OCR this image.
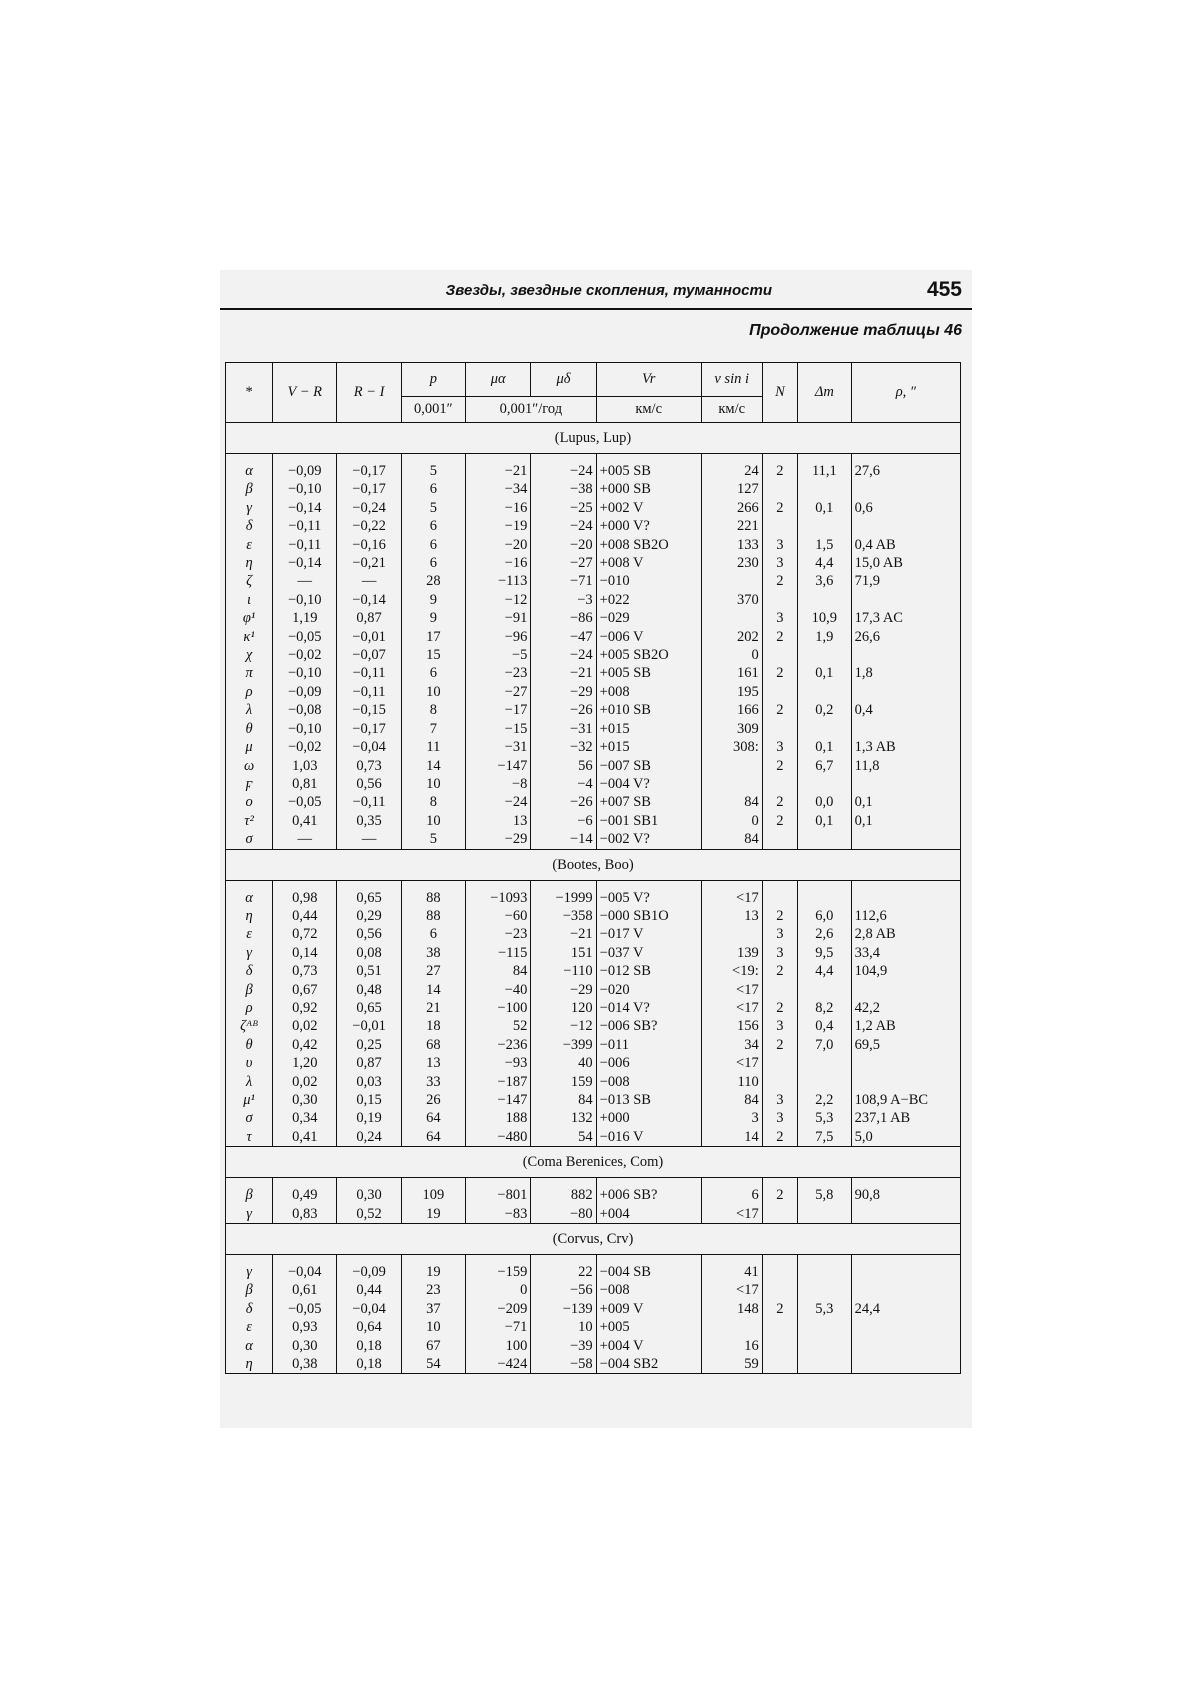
Звезды, звездные скопления, туманности	455
Продолжение таблицы 46
*	V − R	R − I	p	μα	μδ	Vr	v sin i	N	Δm	ρ, ″
			0,001″	0,001″/год		км/с	км/с			
(Lupus, Lup)										

α	−0,09	−0,17	5	−21	−24	+005 SB	24	2	11,1	27,6
β	−0,10	−0,17	6	−34	−38	+000 SB	127			
γ	−0,14	−0,24	5	−16	−25	+002 V	266	2	0,1	0,6
δ	−0,11	−0,22	6	−19	−24	+000 V?	221			
ε	−0,11	−0,16	6	−20	−20	+008 SB2O	133	3	1,5	0,4 AB
η	−0,14	−0,21	6	−16	−27	+008 V	230	3	4,4	15,0 AB
ζ	—	—	28	−113	−71	−010		2	3,6	71,9
ι	−0,10	−0,14	9	−12	−3	+022	370			
φ¹	1,19	0,87	9	−91	−86	−029		3	10,9	17,3 AC
κ¹	−0,05	−0,01	17	−96	−47	−006 V	202	2	1,9	26,6
χ	−0,02	−0,07	15	−5	−24	+005 SB2O	0			
π	−0,10	−0,11	6	−23	−21	+005 SB	161	2	0,1	1,8
ρ	−0,09	−0,11	10	−27	−29	+008	195			
λ	−0,08	−0,15	8	−17	−26	+010 SB	166	2	0,2	0,4
θ	−0,10	−0,17	7	−15	−31	+015	309			
μ	−0,02	−0,04	11	−31	−32	+015	308:	3	0,1	1,3 AB
ω	1,03	0,73	14	−147	56	−007 SB		2	6,7	11,8
ϝ	0,81	0,56	10	−8	−4	−004 V?				
ο	−0,05	−0,11	8	−24	−26	+007 SB	84	2	0,0	0,1
τ²	0,41	0,35	10	13	−6	−001 SB1	0	2	0,1	0,1
σ	—	—	5	−29	−14	−002 V?	84			
(Bootes, Boo)										

α	0,98	0,65	88	−1093	−1999	−005 V?	<17			
η	0,44	0,29	88	−60	−358	−000 SB1O	13	2	6,0	112,6
ε	0,72	0,56	6	−23	−21	−017 V		3	2,6	2,8 AB
γ	0,14	0,08	38	−115	151	−037 V	139	3	9,5	33,4
δ	0,73	0,51	27	84	−110	−012 SB	<19:	2	4,4	104,9
β	0,67	0,48	14	−40	−29	−020	<17			
ρ	0,92	0,65	21	−100	120	−014 V?	<17	2	8,2	42,2
ζᴬᴮ	0,02	−0,01	18	52	−12	−006 SB?	156	3	0,4	1,2 AB
θ	0,42	0,25	68	−236	−399	−011	34	2	7,0	69,5
υ	1,20	0,87	13	−93	40	−006	<17			
λ	0,02	0,03	33	−187	159	−008	110			
μ¹	0,30	0,15	26	−147	84	−013 SB	84	3	2,2	108,9 A−BC
σ	0,34	0,19	64	188	132	+000	3	3	5,3	237,1 AB
τ	0,41	0,24	64	−480	54	−016 V	14	2	7,5	5,0
(Coma Berenices, Com)										

β	0,49	0,30	109	−801	882	+006 SB?	6	2	5,8	90,8
γ	0,83	0,52	19	−83	−80	+004	<17			
(Corvus, Crv)										

γ	−0,04	−0,09	19	−159	22	−004 SB	41			
β	0,61	0,44	23	0	−56	−008	<17			
δ	−0,05	−0,04	37	−209	−139	+009 V	148	2	5,3	24,4
ε	0,93	0,64	10	−71	10	+005				
α	0,30	0,18	67	100	−39	+004 V	16			
η	0,38	0,18	54	−424	−58	−004 SB2	59			
